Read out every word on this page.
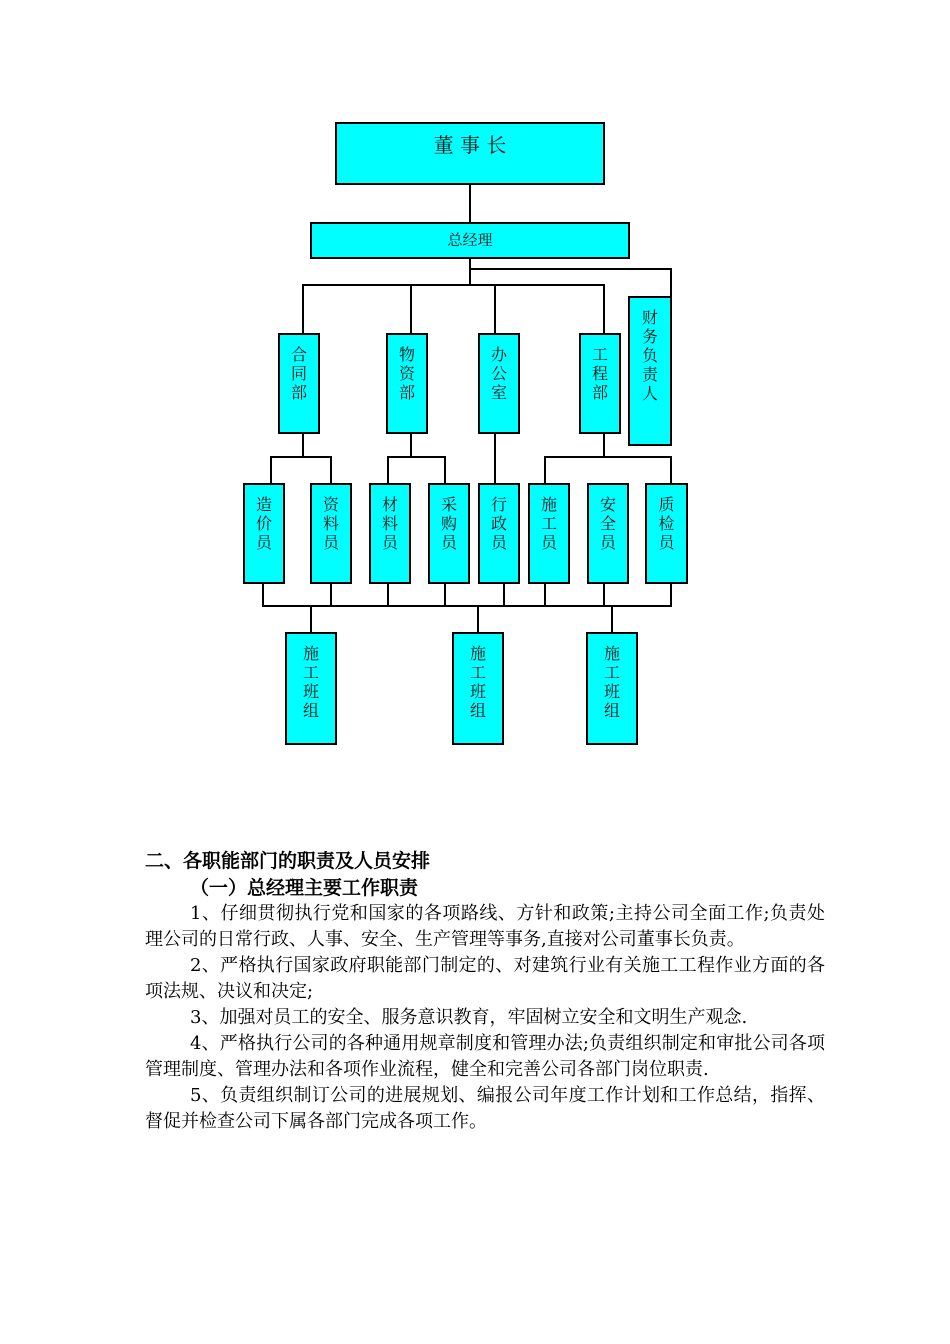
董 事 长
总经理
财
务
负
责
人
合
同
部
物
资
部
办
公
室
工
程
部
造
价
员
资
料
员
材
料
员
采
购
员
行
政
员
施
工
员
安
全
员
质
检
员
施
工
班
组
施
工
班
组
施
工
班
组
二、各职能部门的职责及人员安排
（一）总经理主要工作职责

1、仔细贯彻执行党和国家的各项路线、方针和政策;主持公司全面工作;负责处理公司的日常行政、人事、安全、生产管理等事务,直接对公司董事长负责。

2、严格执行国家政府职能部门制定的、对建筑行业有关施工工程作业方面的各项法规、决议和决定;

3、加强对员工的安全、服务意识教育，牢固树立安全和文明生产观念.

4、严格执行公司的各种通用规章制度和管理办法;负责组织制定和审批公司各项管理制度、管理办法和各项作业流程，健全和完善公司各部门岗位职责.

5、负责组织制订公司的进展规划、编报公司年度工作计划和工作总结，指挥、督促并检查公司下属各部门完成各项工作。
